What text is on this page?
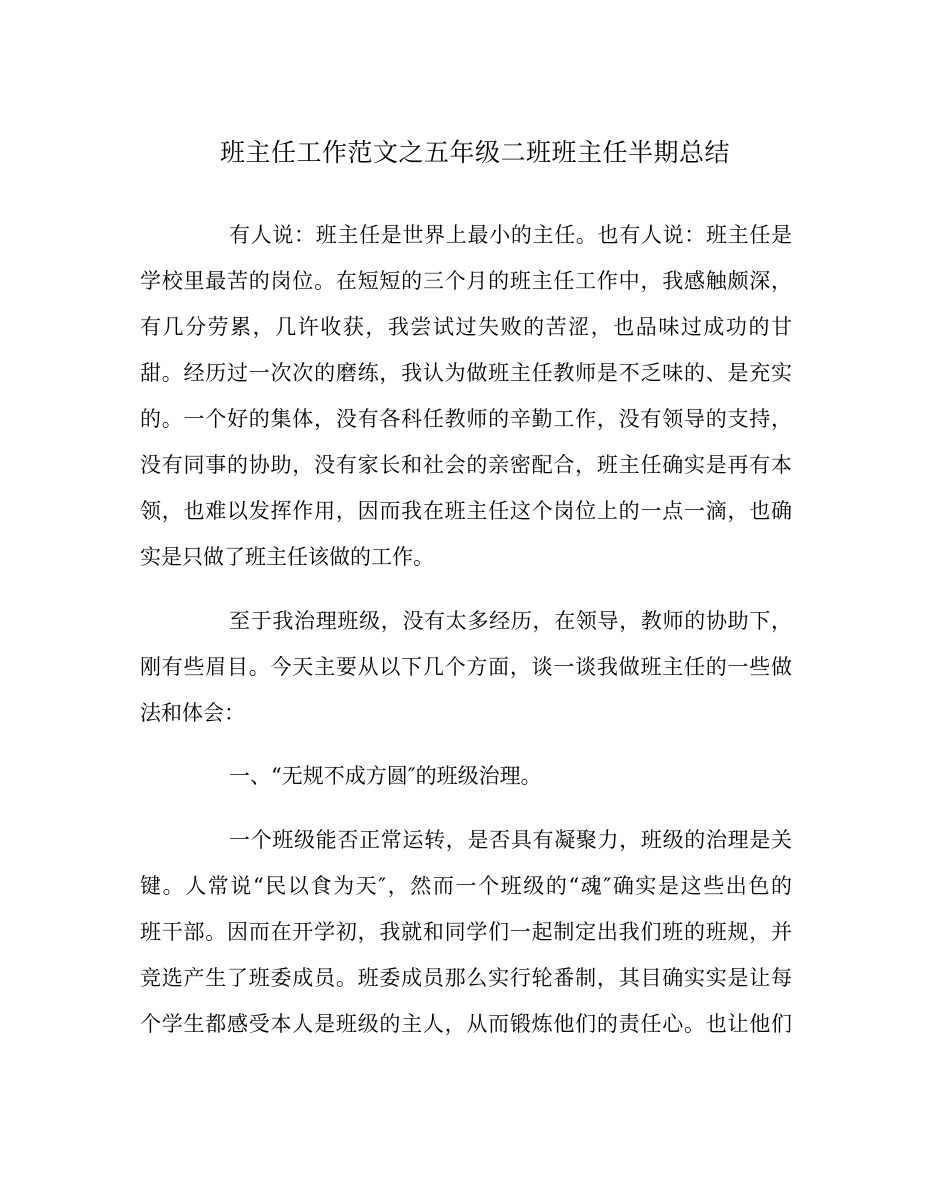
班主任工作范文之五年级二班班主任半期总结
有人说：班主任是世界上最小的主任。也有人说：班主任是
学校里最苦的岗位。在短短的三个月的班主任工作中，我感触颇深，
有几分劳累，几许收获，我尝试过失败的苦涩，也品味过成功的甘
甜。经历过一次次的磨练，我认为做班主任教师是不乏味的、是充实
的。一个好的集体，没有各科任教师的辛勤工作，没有领导的支持，
没有同事的协助，没有家长和社会的亲密配合，班主任确实是再有本
领，也难以发挥作用，因而我在班主任这个岗位上的一点一滴，也确
实是只做了班主任该做的工作。
至于我治理班级，没有太多经历，在领导，教师的协助下，
刚有些眉目。今天主要从以下几个方面，谈一谈我做班主任的一些做
法和体会：
一、“无规不成方圆″的班级治理。
一个班级能否正常运转，是否具有凝聚力，班级的治理是关
键。人常说“民以食为天″，然而一个班级的“魂″确实是这些出色的
班干部。因而在开学初，我就和同学们一起制定出我们班的班规，并
竞选产生了班委成员。班委成员那么实行轮番制，其目确实实是让每
个学生都感受本人是班级的主人，从而锻炼他们的责任心。也让他们
